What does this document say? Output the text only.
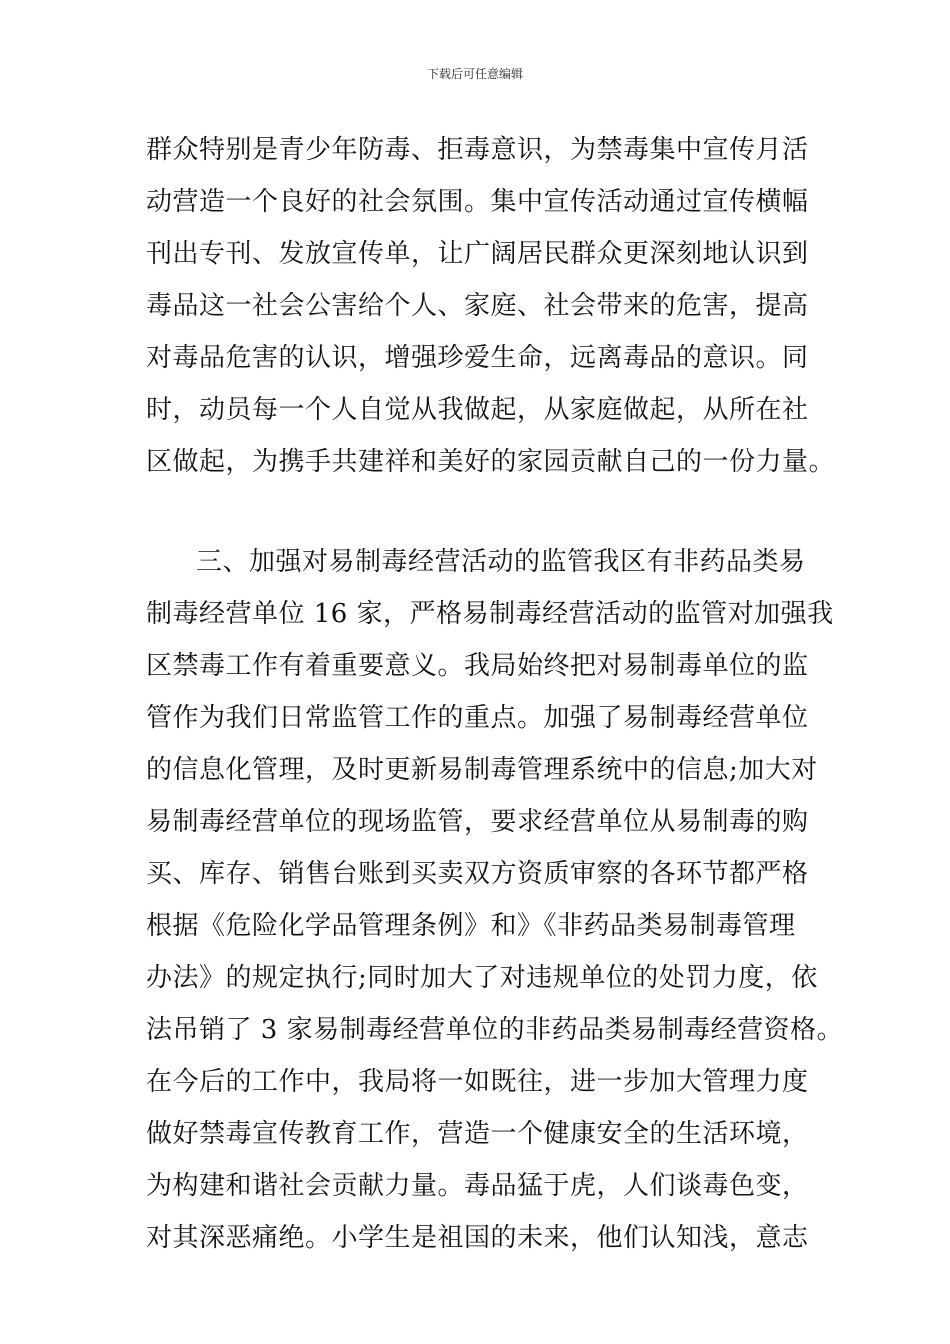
下载后可任意编辑
群众特别是青少年防毒、拒毒意识，为禁毒集中宣传月活
动营造一个良好的社会氛围。集中宣传活动通过宣传横幅
刊出专刊、发放宣传单，让广阔居民群众更深刻地认识到
毒品这一社会公害给个人、家庭、社会带来的危害，提高
对毒品危害的认识，增强珍爱生命，远离毒品的意识。同
时，动员每一个人自觉从我做起，从家庭做起，从所在社
区做起，为携手共建祥和美好的家园贡献自己的一份力量。
三、加强对易制毒经营活动的监管我区有非药品类易
制毒经营单位 16 家，严格易制毒经营活动的监管对加强我
区禁毒工作有着重要意义。我局始终把对易制毒单位的监
管作为我们日常监管工作的重点。加强了易制毒经营单位
的信息化管理，及时更新易制毒管理系统中的信息;加大对
易制毒经营单位的现场监管，要求经营单位从易制毒的购
买、库存、销售台账到买卖双方资质审察的各环节都严格
根据《危险化学品管理条例》和》《非药品类易制毒管理
办法》的规定执行;同时加大了对违规单位的处罚力度，依
法吊销了 3 家易制毒经营单位的非药品类易制毒经营资格。
在今后的工作中，我局将一如既往，进一步加大管理力度
做好禁毒宣传教育工作，营造一个健康安全的生活环境，
为构建和谐社会贡献力量。毒品猛于虎，人们谈毒色变，
对其深恶痛绝。小学生是祖国的未来，他们认知浅，意志
